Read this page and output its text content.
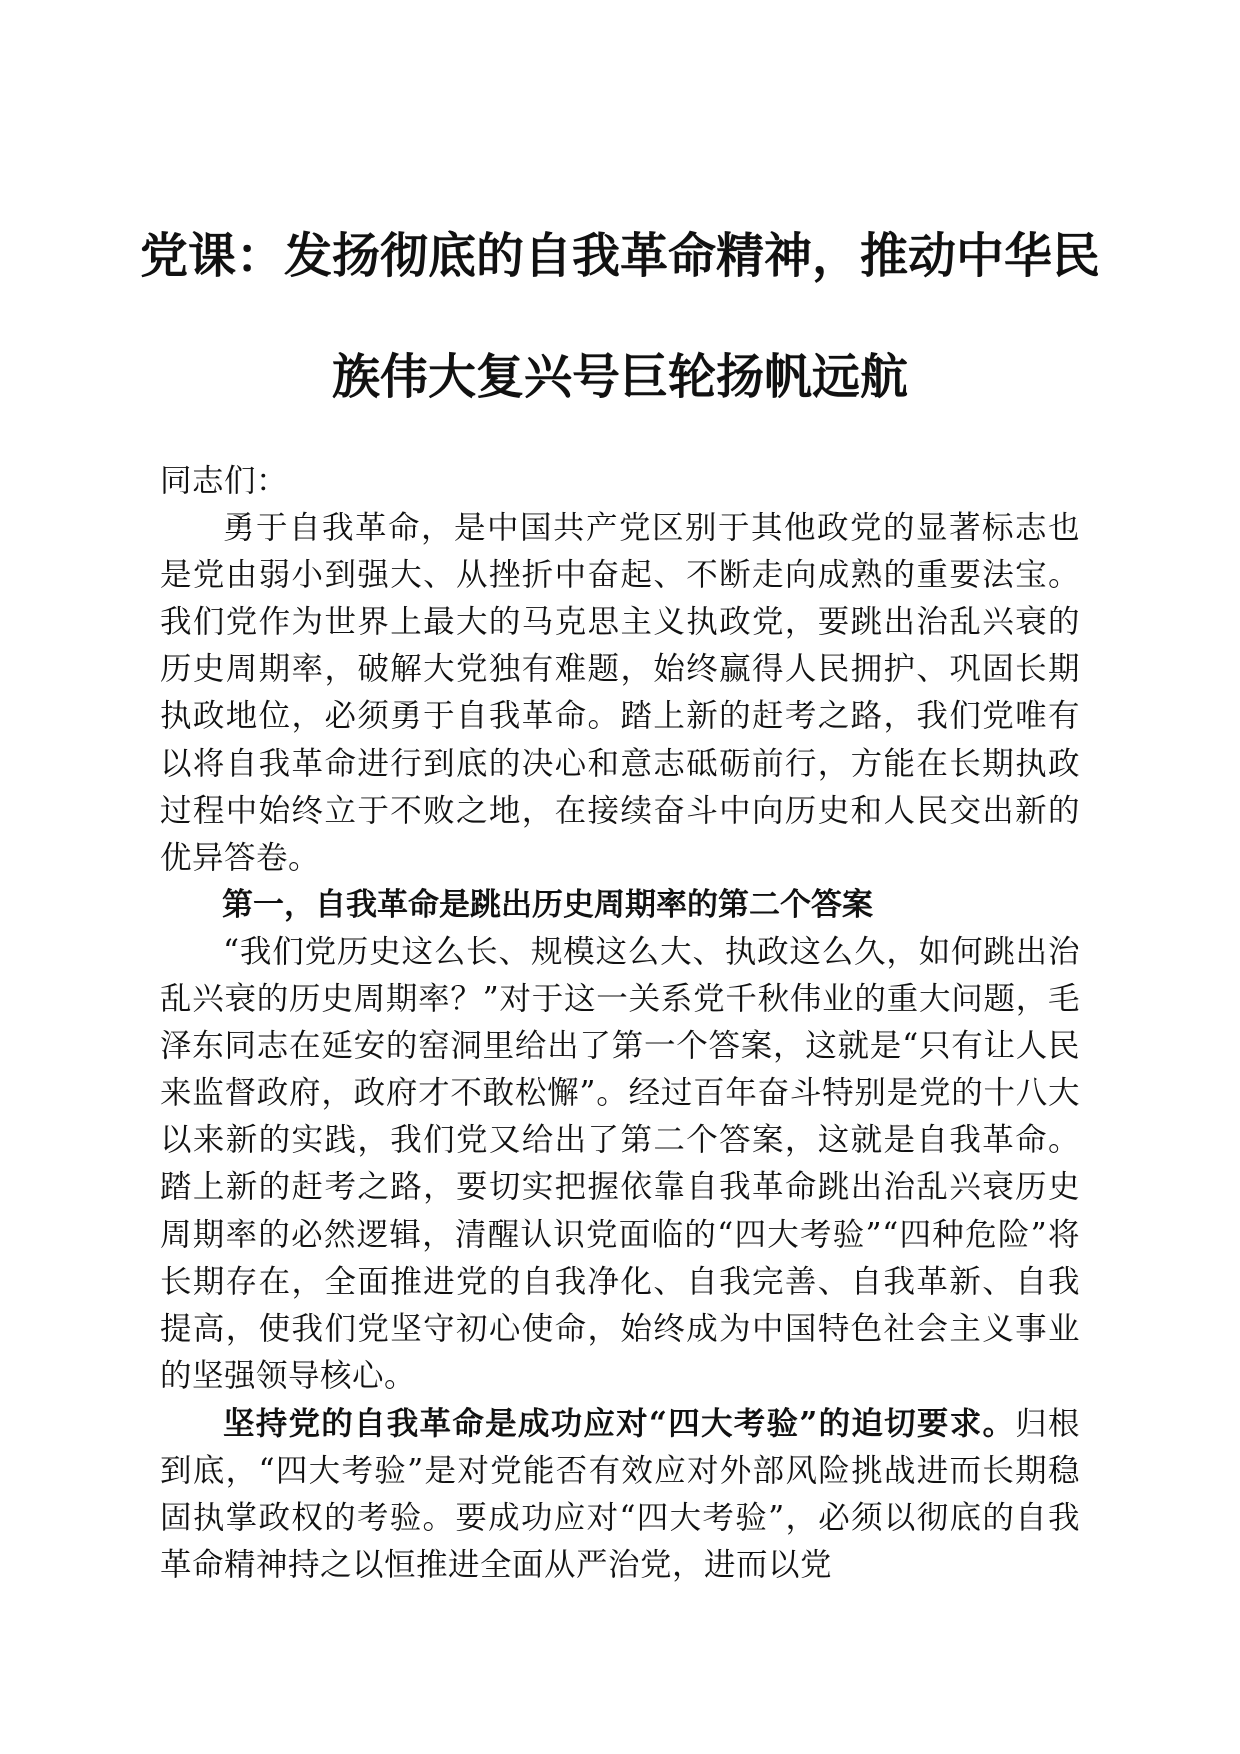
党课：发扬彻底的自我革命精神，推动中华民
族伟大复兴号巨轮扬帆远航

同志们：

勇于自我革命，是中国共产党区别于其他政党的显著标志也是党由弱小到强大、从挫折中奋起、不断走向成熟的重要法宝。我们党作为世界上最大的马克思主义执政党，要跳出治乱兴衰的历史周期率，破解大党独有难题，始终赢得人民拥护、巩固长期执政地位，必须勇于自我革命。踏上新的赶考之路，我们党唯有以将自我革命进行到底的决心和意志砥砺前行，方能在长期执政过程中始终立于不败之地，在接续奋斗中向历史和人民交出新的优异答卷。

第一，自我革命是跳出历史周期率的第二个答案

“我们党历史这么长、规模这么大、执政这么久，如何跳出治乱兴衰的历史周期率？”对于这一关系党千秋伟业的重大问题，毛泽东同志在延安的窑洞里给出了第一个答案，这就是“只有让人民来监督政府，政府才不敢松懈”。经过百年奋斗特别是党的十八大以来新的实践，我们党又给出了第二个答案，这就是自我革命。踏上新的赶考之路，要切实把握依靠自我革命跳出治乱兴衰历史周期率的必然逻辑，清醒认识党面临的“四大考验”“四种危险”将长期存在，全面推进党的自我净化、自我完善、自我革新、自我提高，使我们党坚守初心使命，始终成为中国特色社会主义事业的坚强领导核心。

坚持党的自我革命是成功应对“四大考验”的迫切要求。归根到底，“四大考验”是对党能否有效应对外部风险挑战进而长期稳固执掌政权的考验。要成功应对“四大考验”，必须以彻底的自我革命精神持之以恒推进全面从严治党，进而以党
